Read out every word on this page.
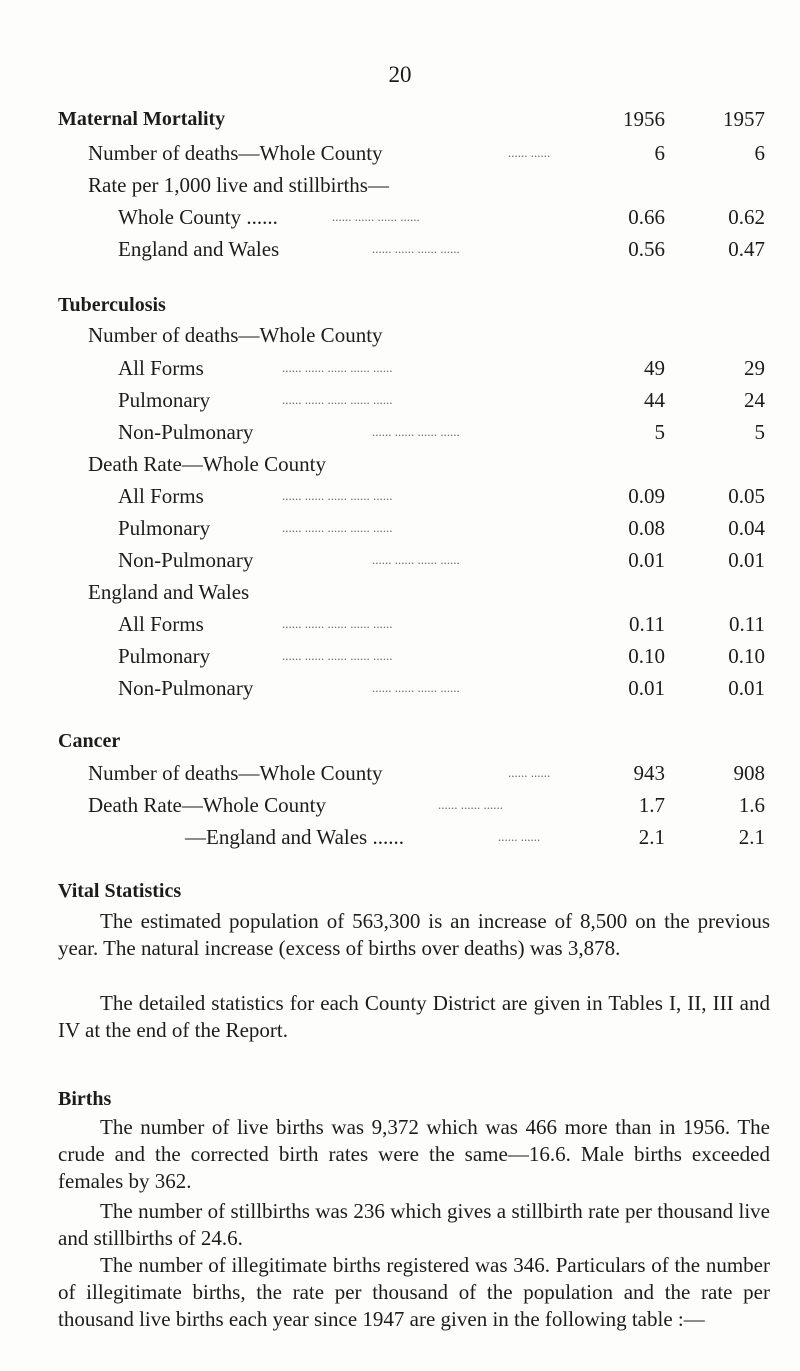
20
Maternal Mortality	1956	1957
Number of deaths—Whole County	...... ......	6	6
Rate per 1,000 live and stillbirths—
Whole County ......	...... ...... ...... ......	0.66	0.62
England and Wales	...... ...... ...... ......	0.56	0.47
Tuberculosis
Number of deaths—Whole County
All Forms	...... ...... ...... ...... ......	49	29
Pulmonary	...... ...... ...... ...... ......	44	24
Non-Pulmonary	...... ...... ...... ......	5	5
Death Rate—Whole County
All Forms	...... ...... ...... ...... ......	0.09	0.05
Pulmonary	...... ...... ...... ...... ......	0.08	0.04
Non-Pulmonary	...... ...... ...... ......	0.01	0.01
England and Wales
All Forms	...... ...... ...... ...... ......	0.11	0.11
Pulmonary	...... ...... ...... ...... ......	0.10	0.10
Non-Pulmonary	...... ...... ...... ......	0.01	0.01
Cancer
Number of deaths—Whole County	...... ......	943	908
Death Rate—Whole County	...... ...... ......	1.7	1.6
—England and Wales ......	...... ......	2.1	2.1
Vital Statistics

The estimated population of 563,300 is an increase of 8,500 on the previous year. The natural increase (excess of births over deaths) was 3,878.

The detailed statistics for each County District are given in Tables I, II, III and IV at the end of the Report.

Births

The number of live births was 9,372 which was 466 more than in 1956. The crude and the corrected birth rates were the same—16.6. Male births exceeded females by 362.

The number of stillbirths was 236 which gives a stillbirth rate per thousand live and stillbirths of 24.6.

The number of illegitimate births registered was 346. Particulars of the number of illegitimate births, the rate per thousand of the population and the rate per thousand live births each year since 1947 are given in the following table :—
